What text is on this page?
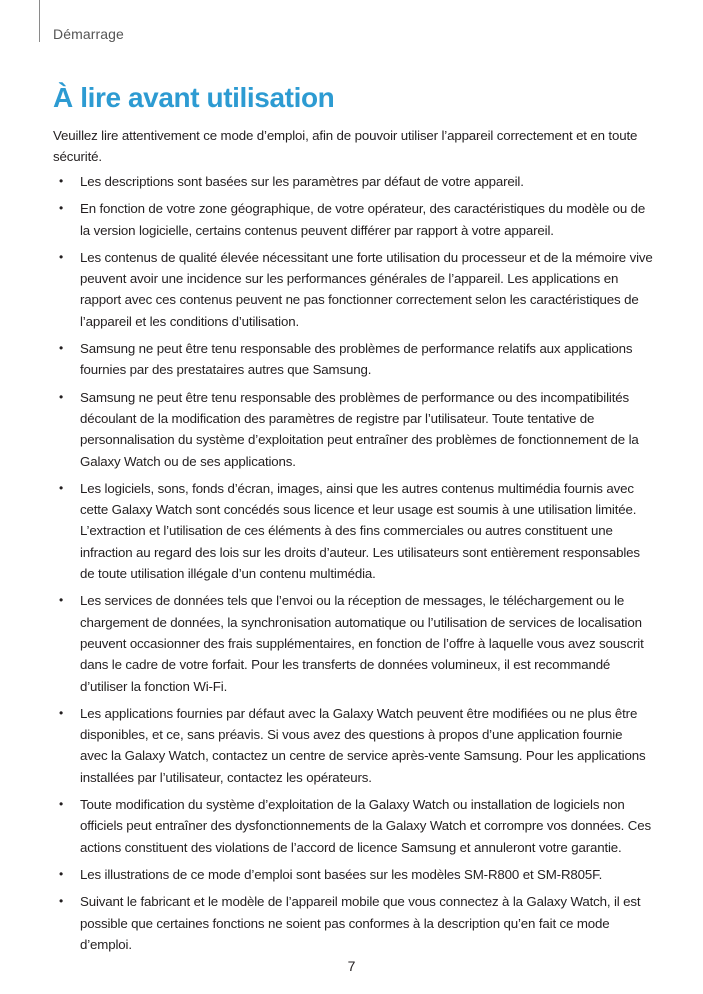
Démarrage
À lire avant utilisation

Veuillez lire attentivement ce mode d’emploi, afin de pouvoir utiliser l’appareil correctement et en toute sécurité.

• Les descriptions sont basées sur les paramètres par défaut de votre appareil.
• En fonction de votre zone géographique, de votre opérateur, des caractéristiques du modèle ou de la version logicielle, certains contenus peuvent différer par rapport à votre appareil.
• Les contenus de qualité élevée nécessitant une forte utilisation du processeur et de la mémoire vive peuvent avoir une incidence sur les performances générales de l’appareil. Les applications en rapport avec ces contenus peuvent ne pas fonctionner correctement selon les caractéristiques de l’appareil et les conditions d’utilisation.
• Samsung ne peut être tenu responsable des problèmes de performance relatifs aux applications fournies par des prestataires autres que Samsung.
• Samsung ne peut être tenu responsable des problèmes de performance ou des incompatibilités découlant de la modification des paramètres de registre par l’utilisateur. Toute tentative de personnalisation du système d’exploitation peut entraîner des problèmes de fonctionnement de la Galaxy Watch ou de ses applications.
• Les logiciels, sons, fonds d’écran, images, ainsi que les autres contenus multimédia fournis avec cette Galaxy Watch sont concédés sous licence et leur usage est soumis à une utilisation limitée. L’extraction et l’utilisation de ces éléments à des fins commerciales ou autres constituent une infraction au regard des lois sur les droits d’auteur. Les utilisateurs sont entièrement responsables de toute utilisation illégale d’un contenu multimédia.
• Les services de données tels que l’envoi ou la réception de messages, le téléchargement ou le chargement de données, la synchronisation automatique ou l’utilisation de services de localisation peuvent occasionner des frais supplémentaires, en fonction de l’offre à laquelle vous avez souscrit dans le cadre de votre forfait. Pour les transferts de données volumineux, il est recommandé d’utiliser la fonction Wi-Fi.
• Les applications fournies par défaut avec la Galaxy Watch peuvent être modifiées ou ne plus être disponibles, et ce, sans préavis. Si vous avez des questions à propos d’une application fournie avec la Galaxy Watch, contactez un centre de service après-vente Samsung. Pour les applications installées par l’utilisateur, contactez les opérateurs.
• Toute modification du système d’exploitation de la Galaxy Watch ou installation de logiciels non officiels peut entraîner des dysfonctionnements de la Galaxy Watch et corrompre vos données. Ces actions constituent des violations de l’accord de licence Samsung et annuleront votre garantie.
• Les illustrations de ce mode d’emploi sont basées sur les modèles SM-R800 et SM-R805F.
• Suivant le fabricant et le modèle de l’appareil mobile que vous connectez à la Galaxy Watch, il est possible que certaines fonctions ne soient pas conformes à la description qu’en fait ce mode d’emploi.
7
